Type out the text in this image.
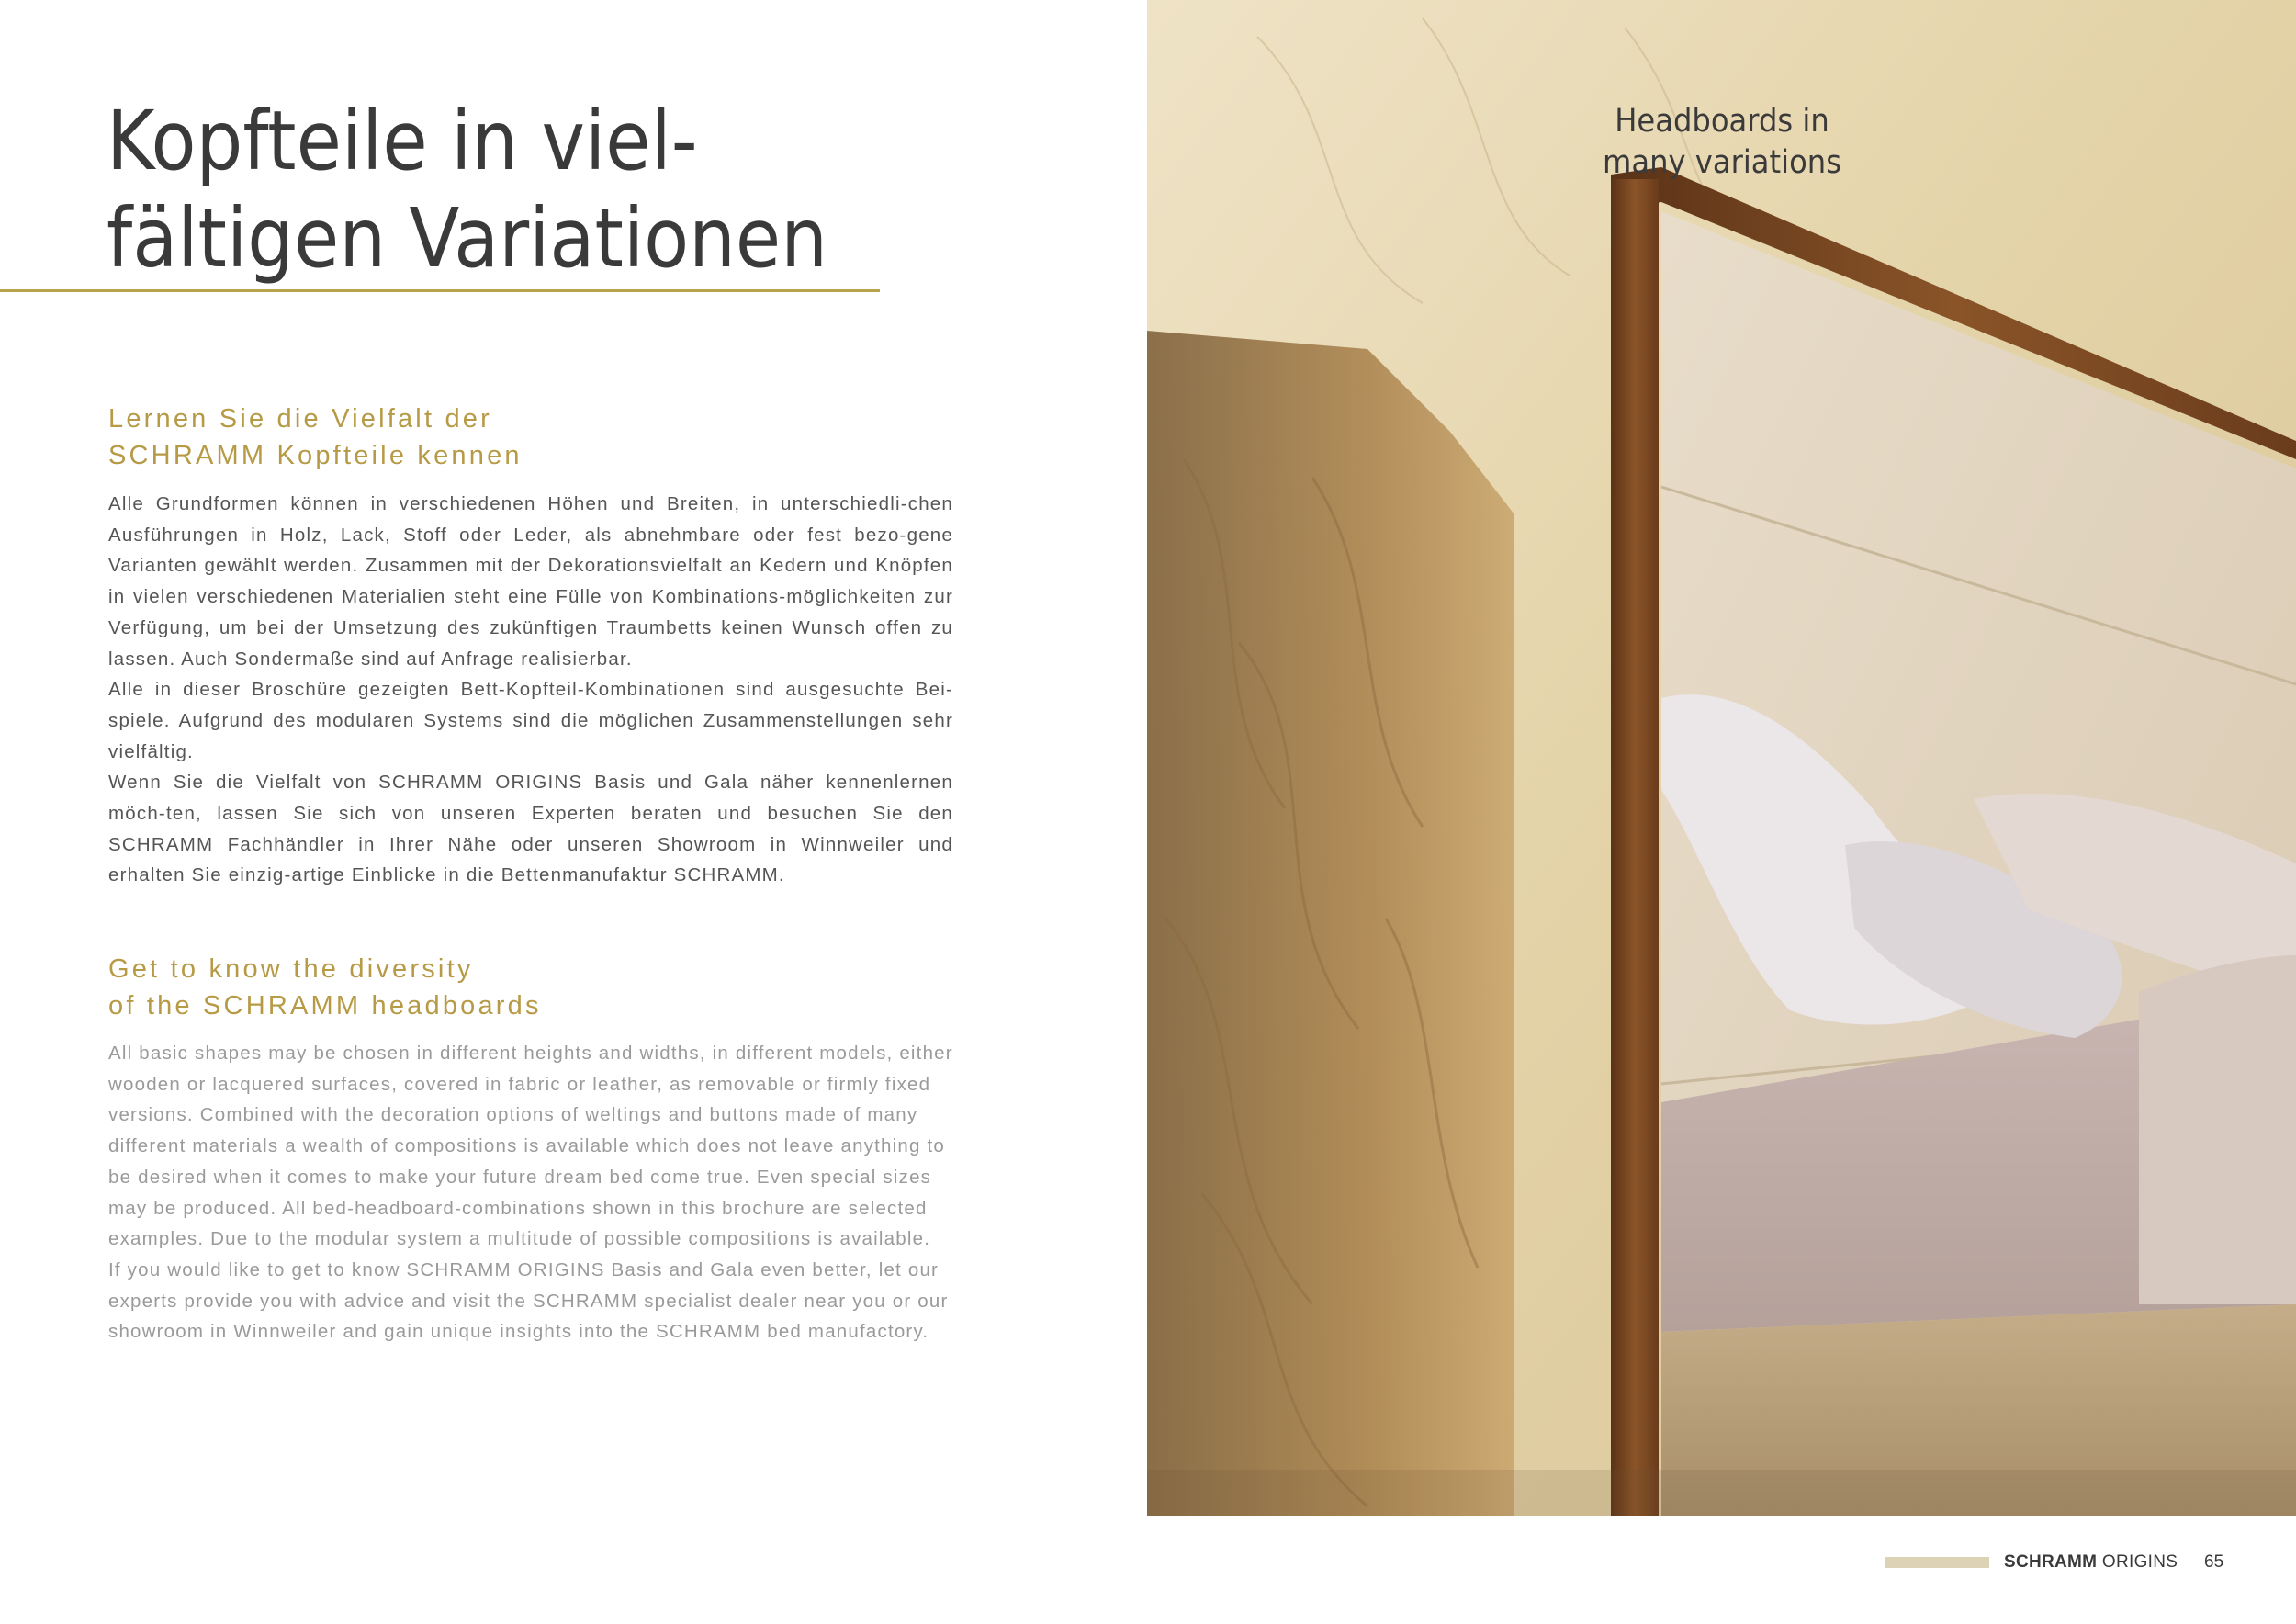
Kopfteile in viel-
fältigen Variationen
Lernen Sie die Vielfalt der
SCHRAMM Kopfteile kennen

Alle Grundformen können in verschiedenen Höhen und Breiten, in unterschiedli-chen Ausführungen in Holz, Lack, Stoff oder Leder, als abnehmbare oder fest bezo-gene Varianten gewählt werden. Zusammen mit der Dekorationsvielfalt an Kedern und Knöpfen in vielen verschiedenen Materialien steht eine Fülle von Kombinations-möglichkeiten zur Verfügung, um bei der Umsetzung des zukünftigen Traumbetts keinen Wunsch offen zu lassen. Auch Sondermaße sind auf Anfrage realisierbar.

Alle in dieser Broschüre gezeigten Bett-Kopfteil-Kombinationen sind ausgesuchte Bei-spiele. Aufgrund des modularen Systems sind die möglichen Zusammenstellungen sehr vielfältig.

Wenn Sie die Vielfalt von SCHRAMM ORIGINS Basis und Gala näher kennenlernen möch-ten, lassen Sie sich von unseren Experten beraten und besuchen Sie den SCHRAMM Fachhändler in Ihrer Nähe oder unseren Showroom in Winnweiler und erhalten Sie einzig-artige Einblicke in die Bettenmanufaktur SCHRAMM.

Get to know the diversity
of the SCHRAMM headboards

All basic shapes may be chosen in different heights and widths, in different models, either wooden or lacquered surfaces, covered in fabric or leather, as removable or firmly fixed versions. Combined with the decoration options of weltings and buttons made of many different materials a wealth of compositions is available which does not leave anything to be desired when it comes to make your future dream bed come true. Even special sizes may be produced. All bed-headboard-combinations shown in this brochure are selected examples. Due to the modular system a multitude of possible compositions is available.

If you would like to get to know SCHRAMM ORIGINS Basis and Gala even better, let our experts provide you with advice and visit the SCHRAMM specialist dealer near you or our showroom in Winnweiler and gain unique insights into the SCHRAMM bed manufactory.

Headboards in
many variations

SCHRAMM ORIGINS 65
